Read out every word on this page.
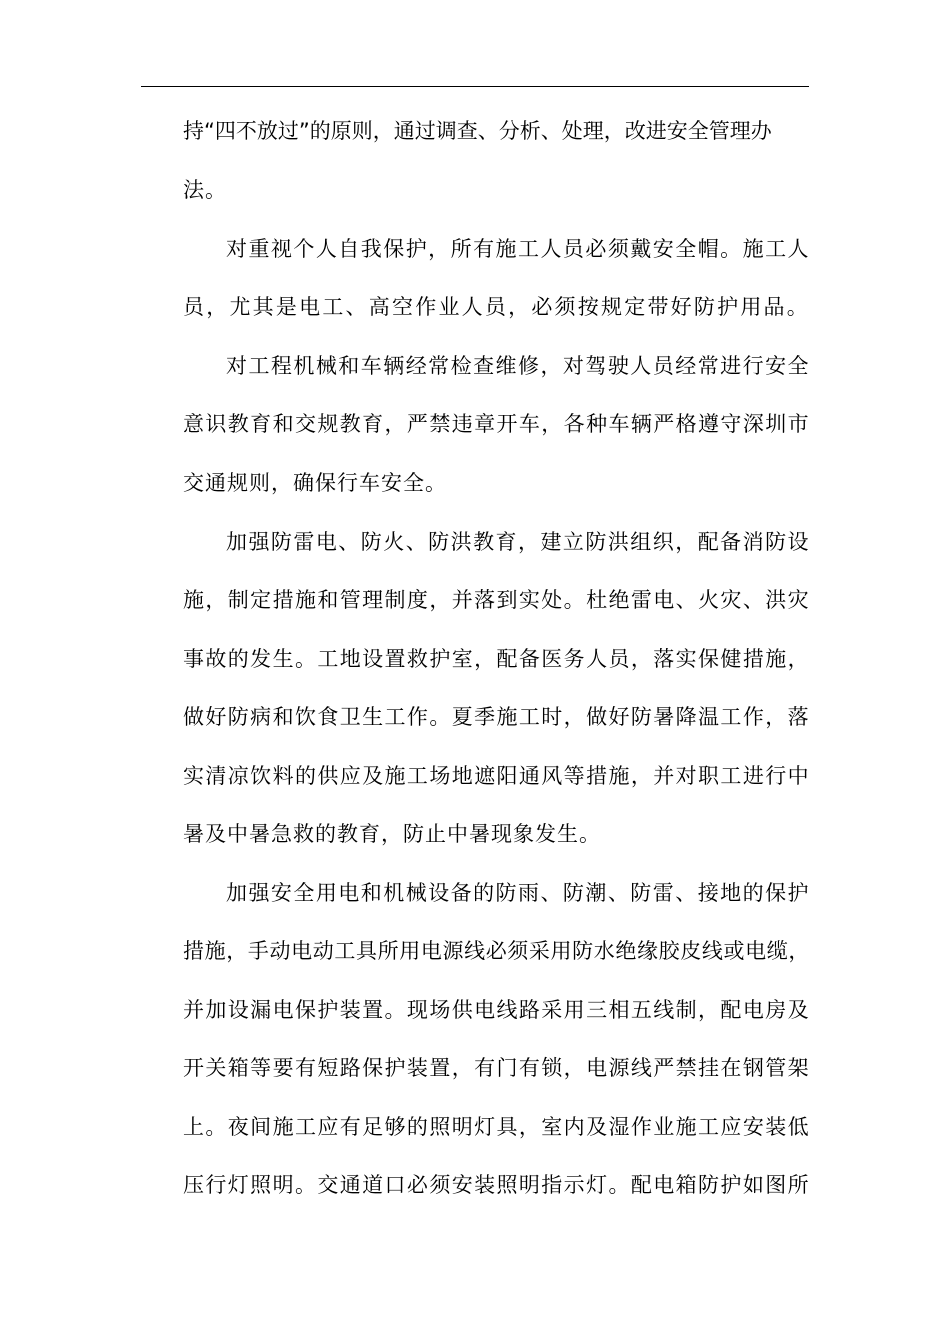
持“四不放过”的原则，通过调查、分析、处理，改进安全管理办
法。
对重视个人自我保护，所有施工人员必须戴安全帽。施工人
员，尤其是电工、高空作业人员，必须按规定带好防护用品。
对工程机械和车辆经常检查维修，对驾驶人员经常进行安全
意识教育和交规教育，严禁违章开车，各种车辆严格遵守深圳市
交通规则，确保行车安全。
加强防雷电、防火、防洪教育，建立防洪组织，配备消防设
施，制定措施和管理制度，并落到实处。杜绝雷电、火灾、洪灾
事故的发生。工地设置救护室，配备医务人员，落实保健措施，
做好防病和饮食卫生工作。夏季施工时，做好防暑降温工作，落
实清凉饮料的供应及施工场地遮阳通风等措施，并对职工进行中
暑及中暑急救的教育，防止中暑现象发生。
加强安全用电和机械设备的防雨、防潮、防雷、接地的保护
措施，手动电动工具所用电源线必须采用防水绝缘胶皮线或电缆，
并加设漏电保护装置。现场供电线路采用三相五线制，配电房及
开关箱等要有短路保护装置，有门有锁，电源线严禁挂在钢管架
上。夜间施工应有足够的照明灯具，室内及湿作业施工应安装低
压行灯照明。交通道口必须安装照明指示灯。配电箱防护如图所
